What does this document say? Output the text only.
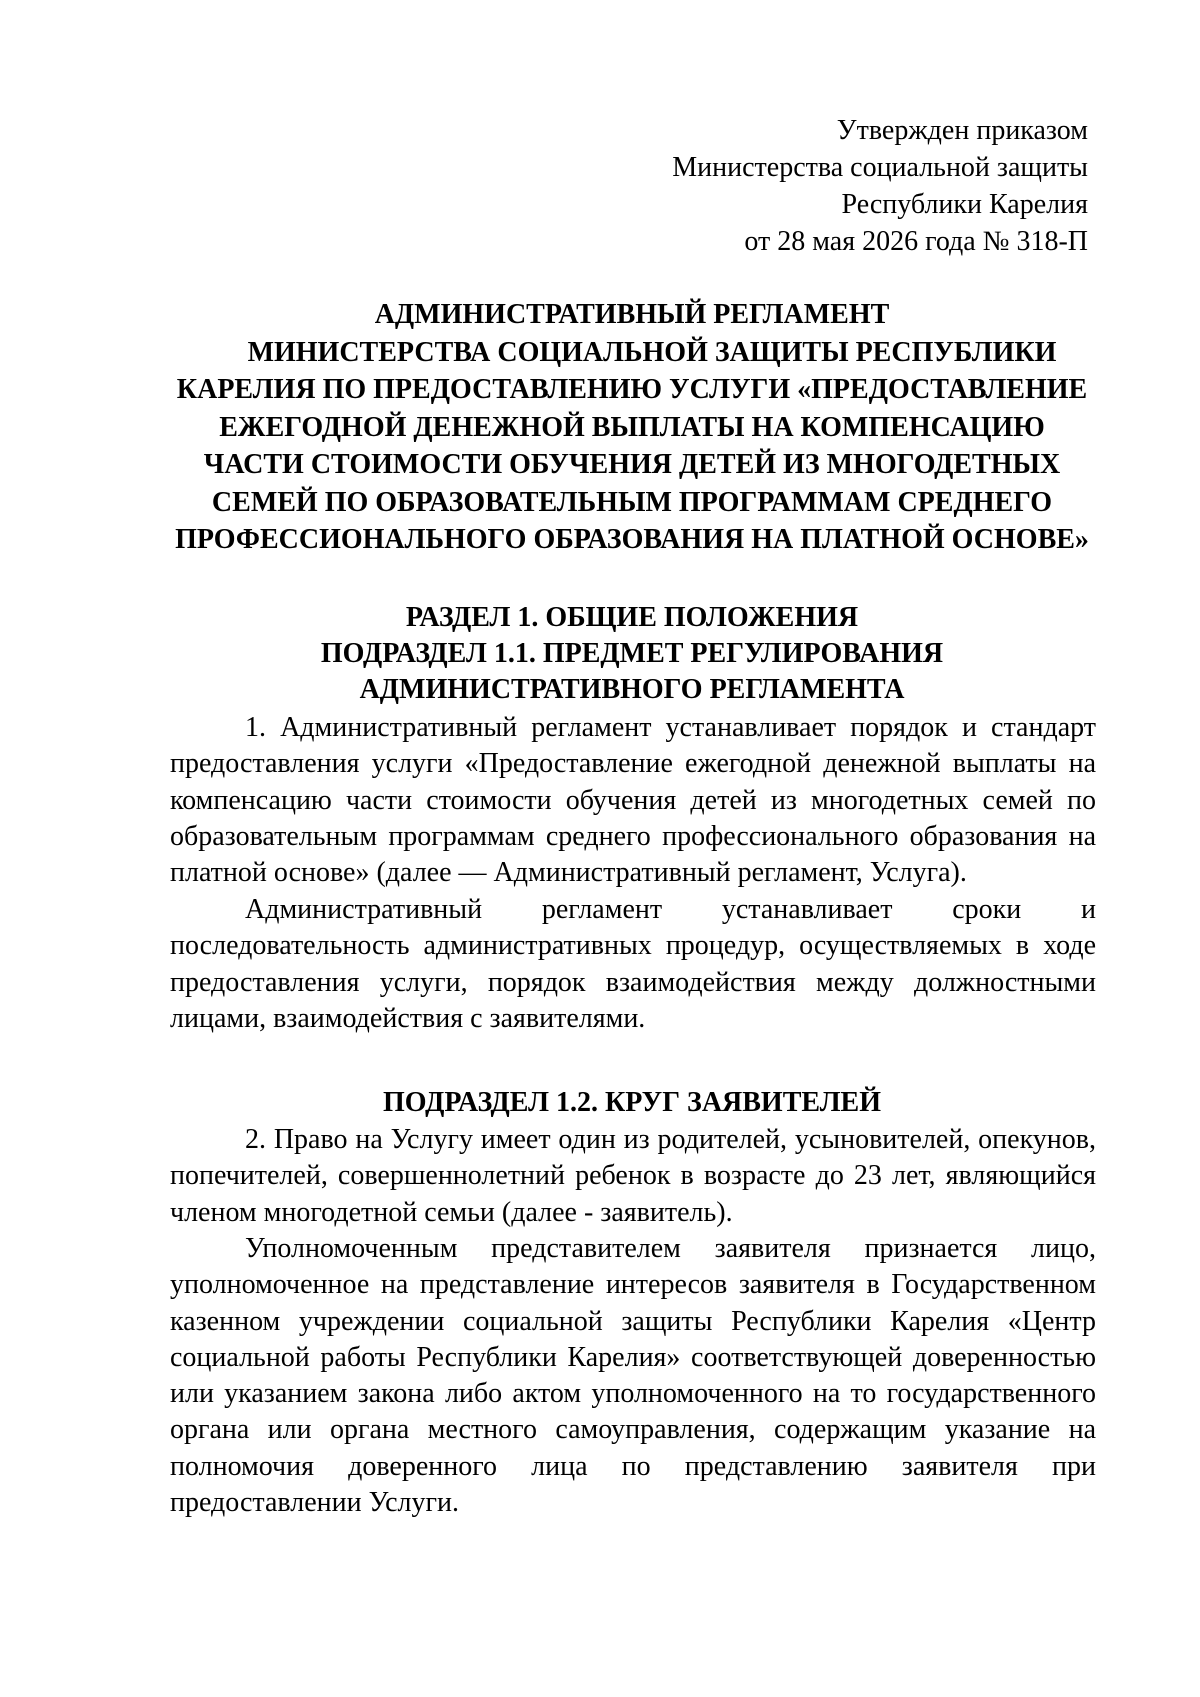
Утвержден приказом
Министерства социальной защиты
Республики Карелия
от 28 мая 2026 года № 318-П
АДМИНИСТРАТИВНЫЙ РЕГЛАМЕНТ
МИНИСТЕРСТВА СОЦИАЛЬНОЙ ЗАЩИТЫ РЕСПУБЛИКИ
КАРЕЛИЯ ПО ПРЕДОСТАВЛЕНИЮ УСЛУГИ «ПРЕДОСТАВЛЕНИЕ
ЕЖЕГОДНОЙ ДЕНЕЖНОЙ ВЫПЛАТЫ НА КОМПЕНСАЦИЮ
ЧАСТИ СТОИМОСТИ ОБУЧЕНИЯ ДЕТЕЙ ИЗ МНОГОДЕТНЫХ
СЕМЕЙ ПО ОБРАЗОВАТЕЛЬНЫМ ПРОГРАММАМ СРЕДНЕГО
ПРОФЕССИОНАЛЬНОГО ОБРАЗОВАНИЯ НА ПЛАТНОЙ ОСНОВЕ»
РАЗДЕЛ 1. ОБЩИЕ ПОЛОЖЕНИЯ
ПОДРАЗДЕЛ 1.1. ПРЕДМЕТ РЕГУЛИРОВАНИЯ
АДМИНИСТРАТИВНОГО РЕГЛАМЕНТА
1. Административный регламент устанавливает порядок и стандарт
предоставления услуги «Предоставление ежегодной денежной выплаты на
компенсацию части стоимости обучения детей из многодетных семей по
образовательным программам среднего профессионального образования на
платной основе» (далее — Административный регламент, Услуга).
Административный регламент устанавливает сроки и
последовательность административных процедур, осуществляемых в ходе
предоставления услуги, порядок взаимодействия между должностными
лицами, взаимодействия с заявителями.
ПОДРАЗДЕЛ 1.2. КРУГ ЗАЯВИТЕЛЕЙ
2. Право на Услугу имеет один из родителей, усыновителей, опекунов,
попечителей, совершеннолетний ребенок в возрасте до 23 лет, являющийся
членом многодетной семьи (далее - заявитель).
Уполномоченным представителем заявителя признается лицо,
уполномоченное на представление интересов заявителя в Государственном
казенном учреждении социальной защиты Республики Карелия «Центр
социальной работы Республики Карелия» соответствующей доверенностью
или указанием закона либо актом уполномоченного на то государственного
органа или органа местного самоуправления, содержащим указание на
полномочия доверенного лица по представлению заявителя при
предоставлении Услуги.
